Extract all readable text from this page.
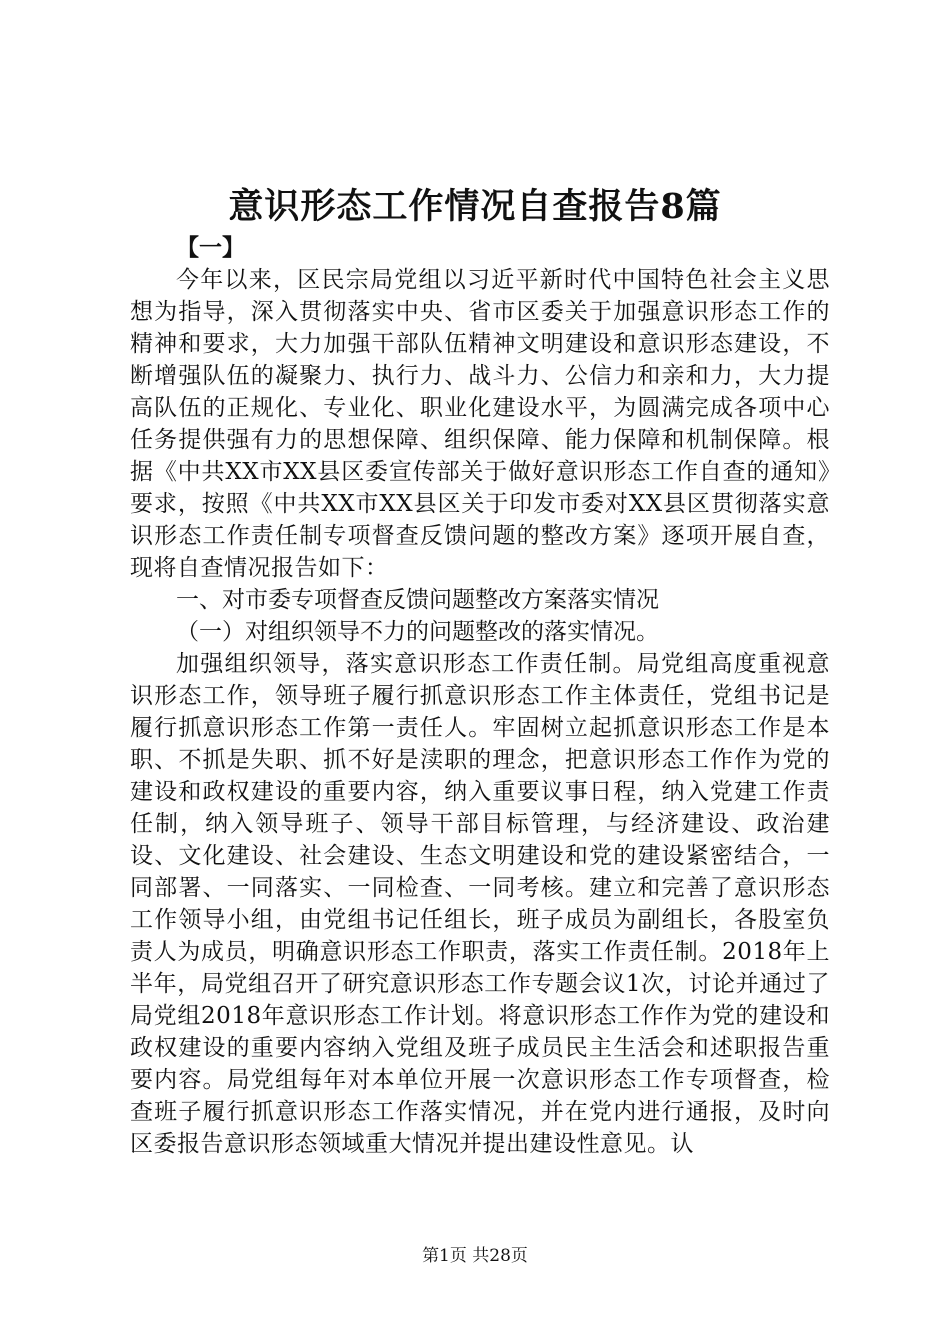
意识形态工作情况自查报告8篇

【一】

今年以来，区民宗局党组以习近平新时代中国特色社会主义思想为指导，深入贯彻落实中央、省市区委关于加强意识形态工作的精神和要求，大力加强干部队伍精神文明建设和意识形态建设，不断增强队伍的凝聚力、执行力、战斗力、公信力和亲和力，大力提高队伍的正规化、专业化、职业化建设水平，为圆满完成各项中心任务提供强有力的思想保障、组织保障、能力保障和机制保障。根据《中共XX市XX县区委宣传部关于做好意识形态工作自查的通知》要求，按照《中共XX市XX县区关于印发市委对XX县区贯彻落实意识形态工作责任制专项督查反馈问题的整改方案》逐项开展自查，现将自查情况报告如下：

一、对市委专项督查反馈问题整改方案落实情况

（一）对组织领导不力的问题整改的落实情况。

加强组织领导，落实意识形态工作责任制。局党组高度重视意识形态工作，领导班子履行抓意识形态工作主体责任，党组书记是履行抓意识形态工作第一责任人。牢固树立起抓意识形态工作是本职、不抓是失职、抓不好是渎职的理念，把意识形态工作作为党的建设和政权建设的重要内容，纳入重要议事日程，纳入党建工作责任制，纳入领导班子、领导干部目标管理，与经济建设、政治建设、文化建设、社会建设、生态文明建设和党的建设紧密结合，一同部署、一同落实、一同检查、一同考核。建立和完善了意识形态工作领导小组，由党组书记任组长，班子成员为副组长，各股室负责人为成员，明确意识形态工作职责，落实工作责任制。2018年上半年，局党组召开了研究意识形态工作专题会议1次，讨论并通过了局党组2018年意识形态工作计划。将意识形态工作作为党的建设和政权建设的重要内容纳入党组及班子成员民主生活会和述职报告重要内容。局党组每年对本单位开展一次意识形态工作专项督查，检查班子履行抓意识形态工作落实情况，并在党内进行通报，及时向区委报告意识形态领域重大情况并提出建设性意见。认

第1页 共28页
